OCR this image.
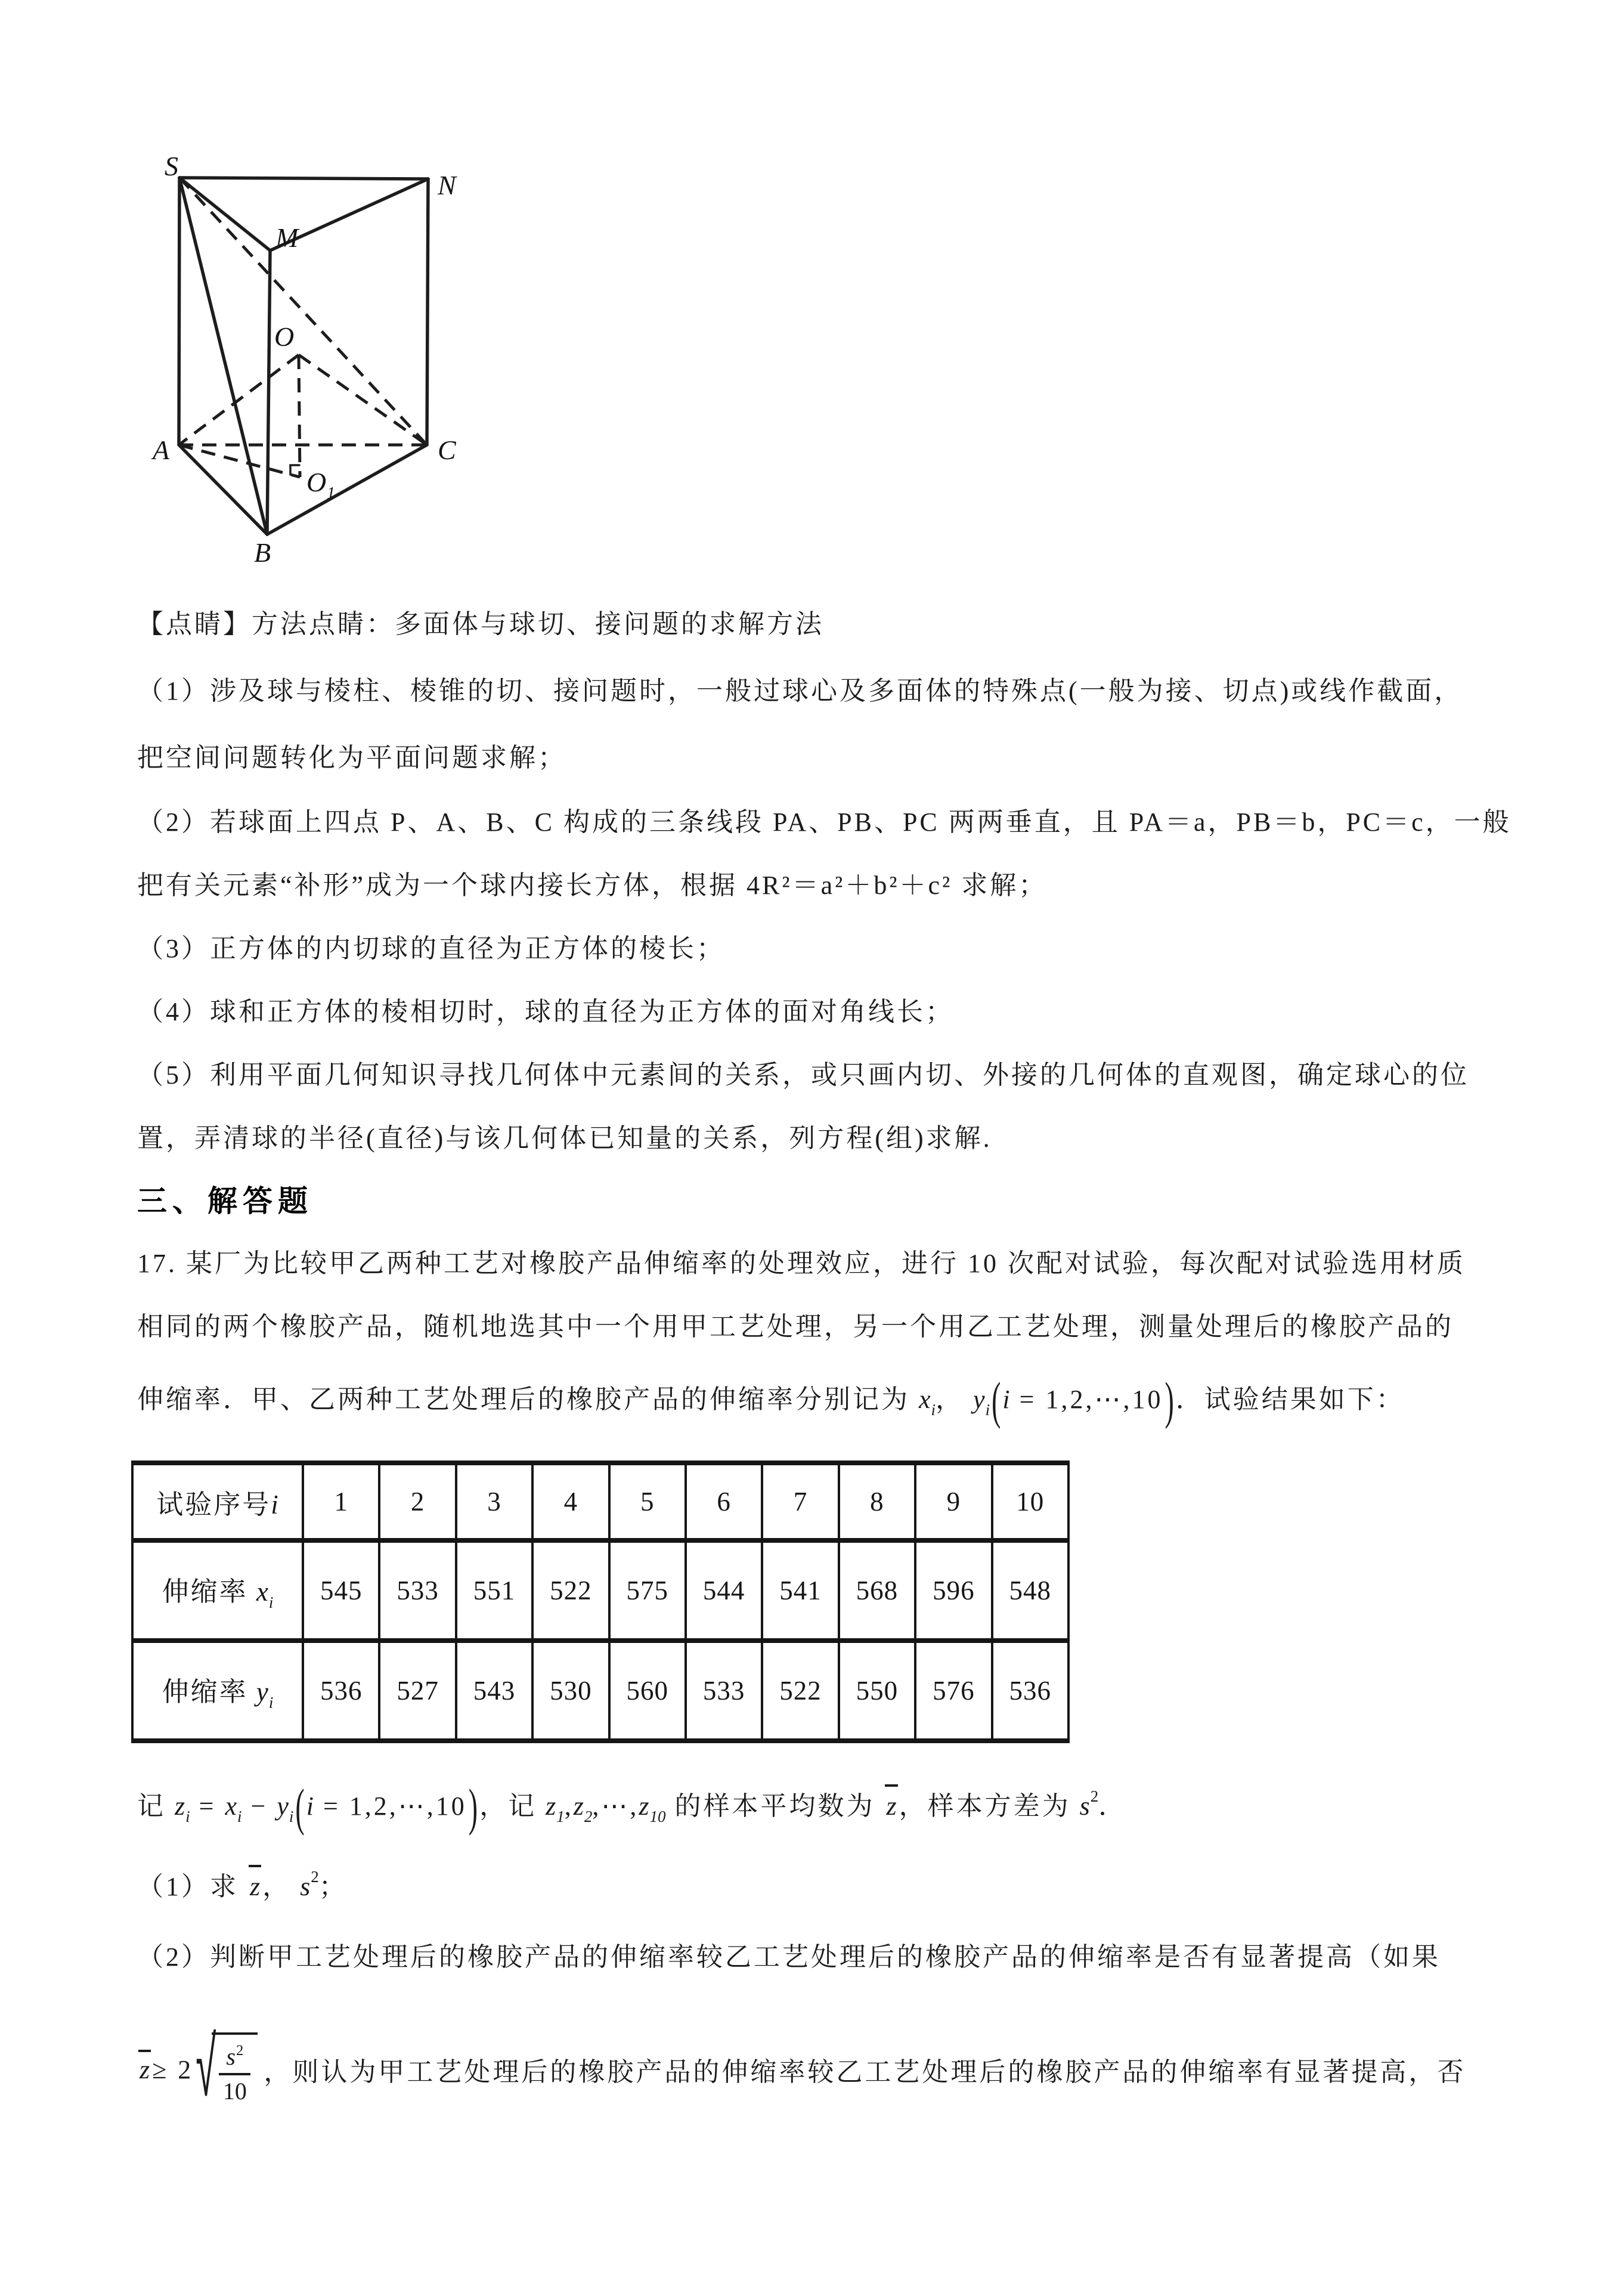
S
N
M
O
A	C
B
O 1
【点睛】方法点睛：多面体与球切、接问题的求解方法
（1）涉及球与棱柱、棱锥的切、接问题时，一般过球心及多面体的特殊点(一般为接、切点)或线作截面，
把空间问题转化为平面问题求解；
（2）若球面上四点 P、A、B、C 构成的三条线段 PA、PB、PC 两两垂直，且 PA＝a，PB＝b，PC＝c，一般
把有关元素“补形”成为一个球内接长方体，根据 4R²＝a²＋b²＋c² 求解；
（3）正方体的内切球的直径为正方体的棱长；
（4）球和正方体的棱相切时，球的直径为正方体的面对角线长；
（5）利用平面几何知识寻找几何体中元素间的关系，或只画内切、外接的几何体的直观图，确定球心的位
置，弄清球的半径(直径)与该几何体已知量的关系，列方程(组)求解.
三、解答题
17. 某厂为比较甲乙两种工艺对橡胶产品伸缩率的处理效应，进行 10 次配对试验，每次配对试验选用材质
相同的两个橡胶产品，随机地选其中一个用甲工艺处理，另一个用乙工艺处理，测量处理后的橡胶产品的
伸缩率．甲、乙两种工艺处理后的橡胶产品的伸缩率分别记为 $x_i$， $y_i(i$ = 1,2,⋯,10)．试验结果如下：
试验序号i	1	2	3	4	5	6	7	8	9	10
伸缩率 $x_i$	545	533	551	522	575	544	541	568	596	548
伸缩率 $y_i$	536	527	543	530	560	533	522	550	576	536
记 $z_i = x_i - y_i(i$ = 1,2,⋯,10)，记 $z_1,z_2,\cdots,z_{10}$ 的样本平均数为 z，样本方差为 $s^2$．
（1）求 z， $s^2$；
（2）判断甲工艺处理后的橡胶产品的伸缩率较乙工艺处理后的橡胶产品的伸缩率是否有显著提高（如果
z ≥ 2 √ $\frac{s^2}{10}$ ，则认为甲工艺处理后的橡胶产品的伸缩率较乙工艺处理后的橡胶产品的伸缩率有显著提高，否
